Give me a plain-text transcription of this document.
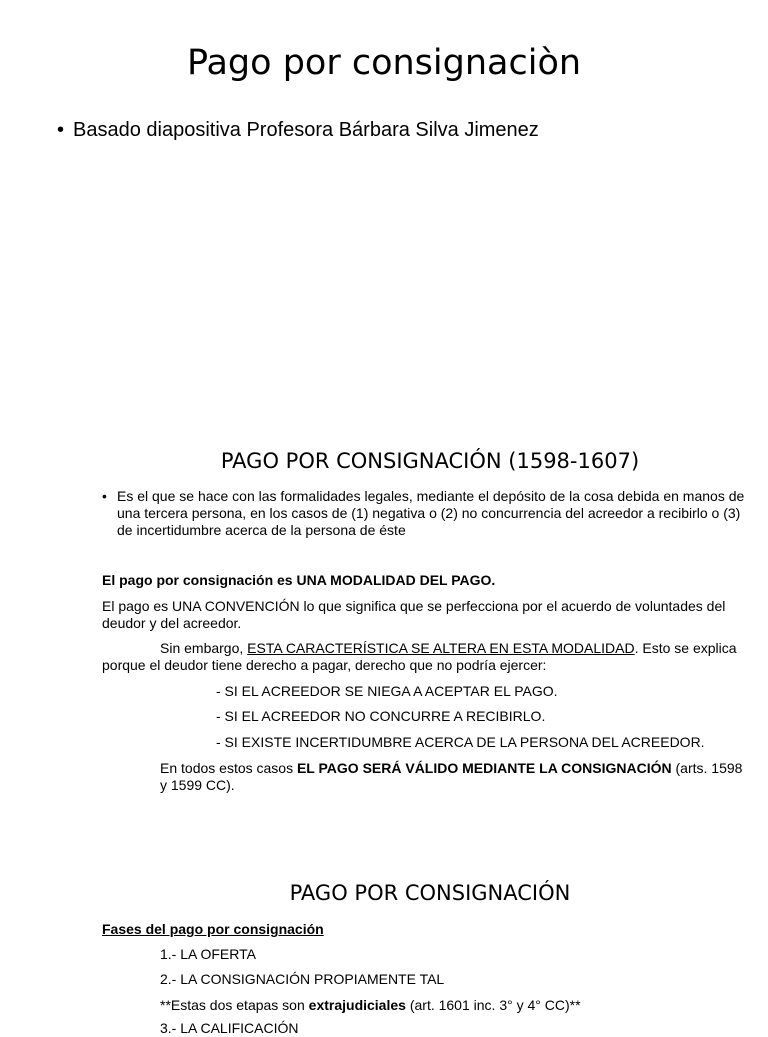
Pago por consignaciòn
• Basado diapositiva Profesora Bárbara Silva Jimenez
PAGO POR CONSIGNACIÓN (1598-1607)
• Es el que se hace con las formalidades legales, mediante el depósito de la cosa debida en manos de una tercera persona, en los casos de (1) negativa o (2) no concurrencia del acreedor a recibirlo o (3) de incertidumbre acerca de la persona de éste
El pago por consignación es UNA MODALIDAD DEL PAGO.
El pago es UNA CONVENCIÓN lo que significa que se perfecciona por el acuerdo de voluntades del deudor y del acreedor.
Sin embargo, ESTA CARACTERÍSTICA SE ALTERA EN ESTA MODALIDAD. Esto se explica porque el deudor tiene derecho a pagar, derecho que no podría ejercer:
- SI EL ACREEDOR SE NIEGA A ACEPTAR EL PAGO.
- SI EL ACREEDOR NO CONCURRE A RECIBIRLO.
- SI EXISTE INCERTIDUMBRE ACERCA DE LA PERSONA DEL ACREEDOR.
En todos estos casos EL PAGO SERÁ VÁLIDO MEDIANTE LA CONSIGNACIÓN (arts. 1598 y 1599 CC).
PAGO POR CONSIGNACIÓN
Fases del pago por consignación
1.- LA OFERTA
2.- LA CONSIGNACIÓN PROPIAMENTE TAL
**Estas dos etapas son extrajudiciales (art. 1601 inc. 3° y 4° CC)**
3.- LA CALIFICACIÓN
